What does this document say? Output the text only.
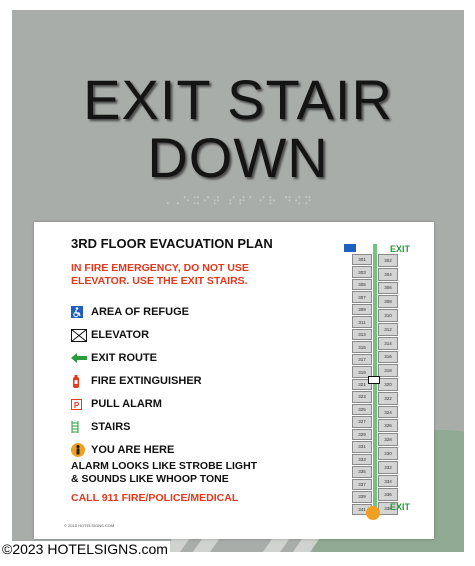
EXIT STAIR
DOWN
⠠⠠⠑⠭⠊⠞ ⠎⠞⠁⠊⠗ ⠙⠪⠝
3RD FLOOR EVACUATION PLAN
IN FIRE EMERGENCY, DO NOT USE
ELEVATOR. USE THE EXIT STAIRS.
AREA OF REFUGE
ELEVATOR
EXIT ROUTE
FIRE EXTINGUISHER
P PULL ALARM
STAIRS
YOU ARE HERE
ALARM LOOKS LIKE STROBE LIGHT
& SOUNDS LIKE WHOOP TONE
CALL 911 FIRE/POLICE/MEDICAL
© 2015 HOTELSIGNS.COM
301
303
305
307
309
311
313
315
317
319
321
323
325
327
329
331
333
335
337
339
341
302
304
306
308
310
312
314
316
318
320
322
324
326
328
330
332
334
336
338
EXIT
EXIT
©2023 HOTELSIGNS.com
